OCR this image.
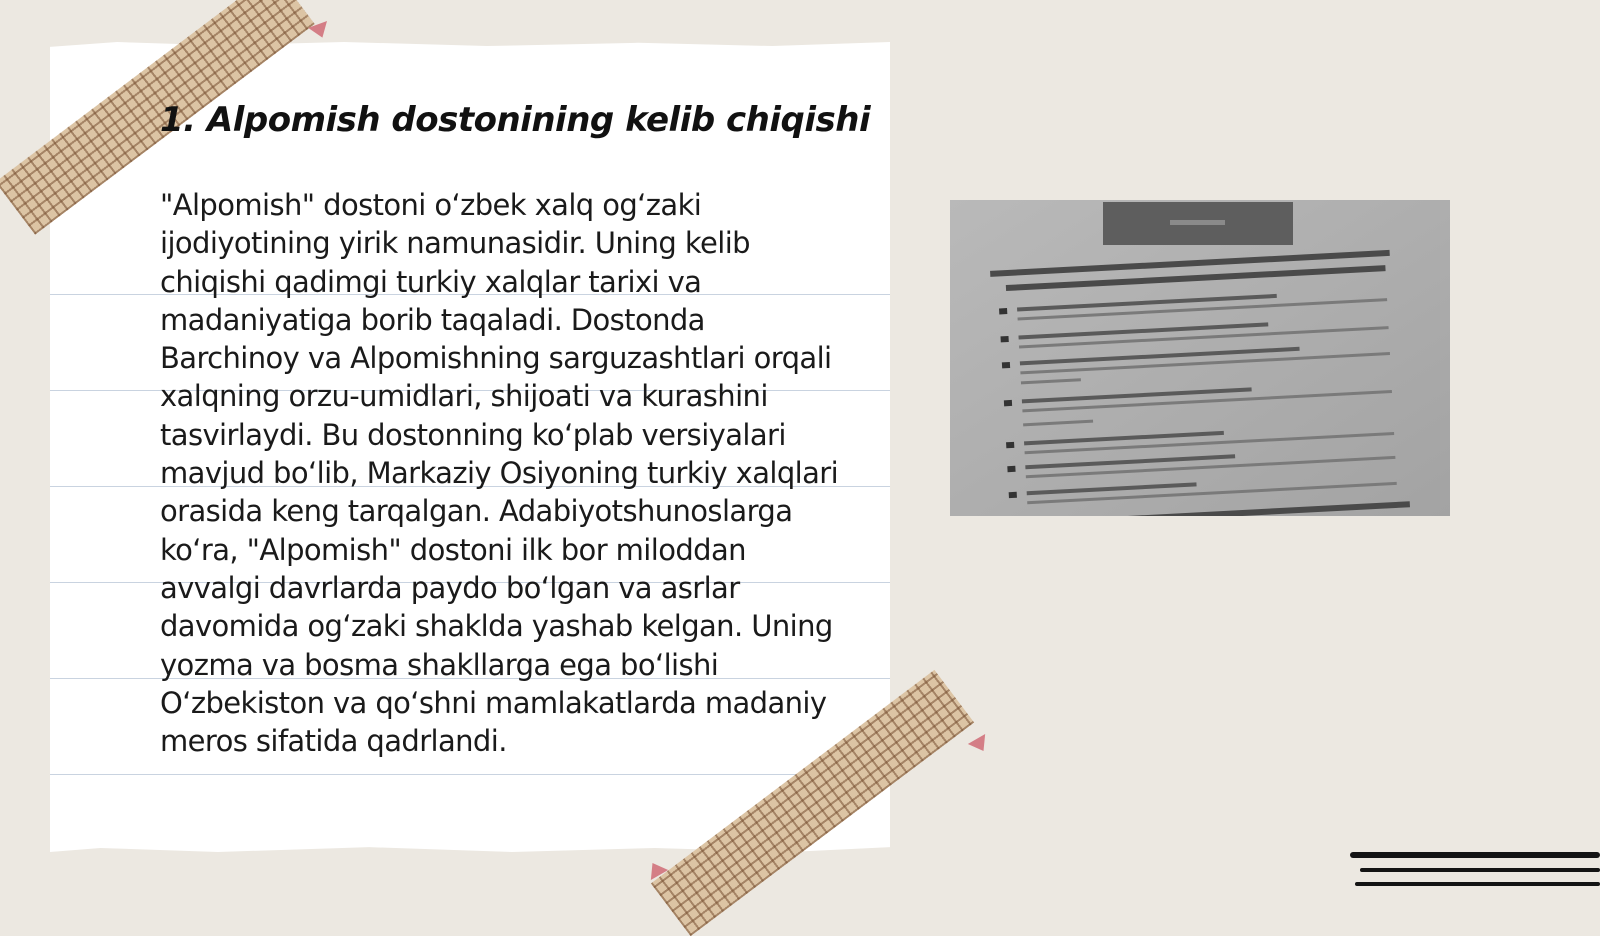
1. Alpomish dostonining kelib chiqishi

"Alpomish" dostoni o‘zbek xalq og‘zaki ijodiyotining yirik namunasidir. Uning kelib chiqishi qadimgi turkiy xalqlar tarixi va madaniyatiga borib taqaladi. Dostonda Barchinoy va Alpomishning sarguzashtlari orqali xalqning orzu-umidlari, shijoati va kurashini tasvirlaydi. Bu dostonning ko‘plab versiyalari mavjud bo‘lib, Markaziy Osiyoning turkiy xalqlari orasida keng tarqalgan. Adabiyotshunoslarga ko‘ra, "Alpomish" dostoni ilk bor miloddan avvalgi davrlarda paydo bo‘lgan va asrlar davomida og‘zaki shaklda yashab kelgan. Uning yozma va bosma shakllarga ega bo‘lishi O‘zbekiston va qo‘shni mamlakatlarda madaniy meros sifatida qadrlandi.
